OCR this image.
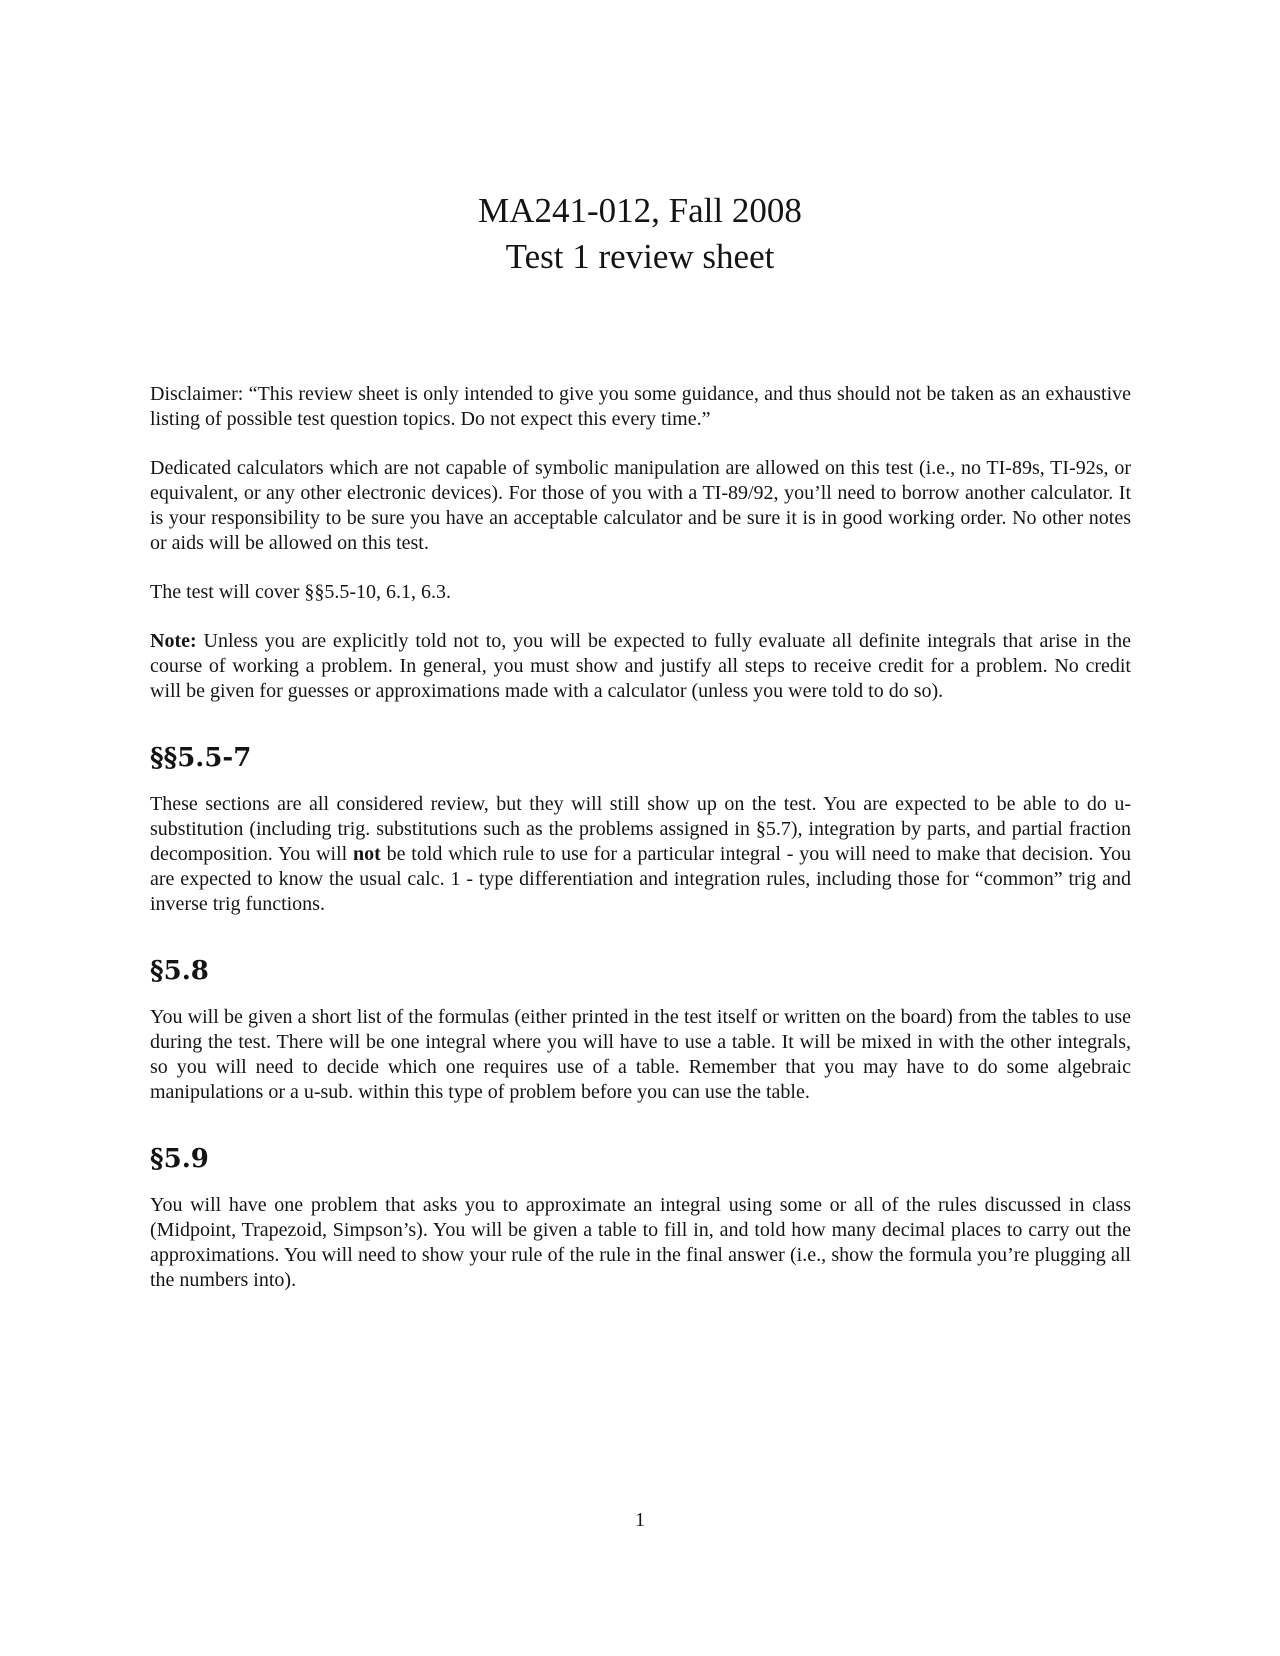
MA241-012, Fall 2008
Test 1 review sheet

Disclaimer: “This review sheet is only intended to give you some guidance, and thus should not be taken as an exhaustive listing of possible test question topics. Do not expect this every time.”

Dedicated calculators which are not capable of symbolic manipulation are allowed on this test (i.e., no TI-89s, TI-92s, or equivalent, or any other electronic devices). For those of you with a TI-89/92, you’ll need to borrow another calculator. It is your responsibility to be sure you have an acceptable calculator and be sure it is in good working order. No other notes or aids will be allowed on this test.

The test will cover §§5.5-10, 6.1, 6.3.

Note: Unless you are explicitly told not to, you will be expected to fully evaluate all definite integrals that arise in the course of working a problem. In general, you must show and justify all steps to receive credit for a problem. No credit will be given for guesses or approximations made with a calculator (unless you were told to do so).

§§5.5-7

These sections are all considered review, but they will still show up on the test. You are expected to be able to do u-substitution (including trig. substitutions such as the problems assigned in §5.7), integration by parts, and partial fraction decomposition. You will not be told which rule to use for a particular integral - you will need to make that decision. You are expected to know the usual calc. 1 - type differentiation and integration rules, including those for “common” trig and inverse trig functions.

§5.8

You will be given a short list of the formulas (either printed in the test itself or written on the board) from the tables to use during the test. There will be one integral where you will have to use a table. It will be mixed in with the other integrals, so you will need to decide which one requires use of a table. Remember that you may have to do some algebraic manipulations or a u-sub. within this type of problem before you can use the table.

§5.9

You will have one problem that asks you to approximate an integral using some or all of the rules discussed in class (Midpoint, Trapezoid, Simpson’s). You will be given a table to fill in, and told how many decimal places to carry out the approximations. You will need to show your rule of the rule in the final answer (i.e., show the formula you’re plugging all the numbers into).

1
